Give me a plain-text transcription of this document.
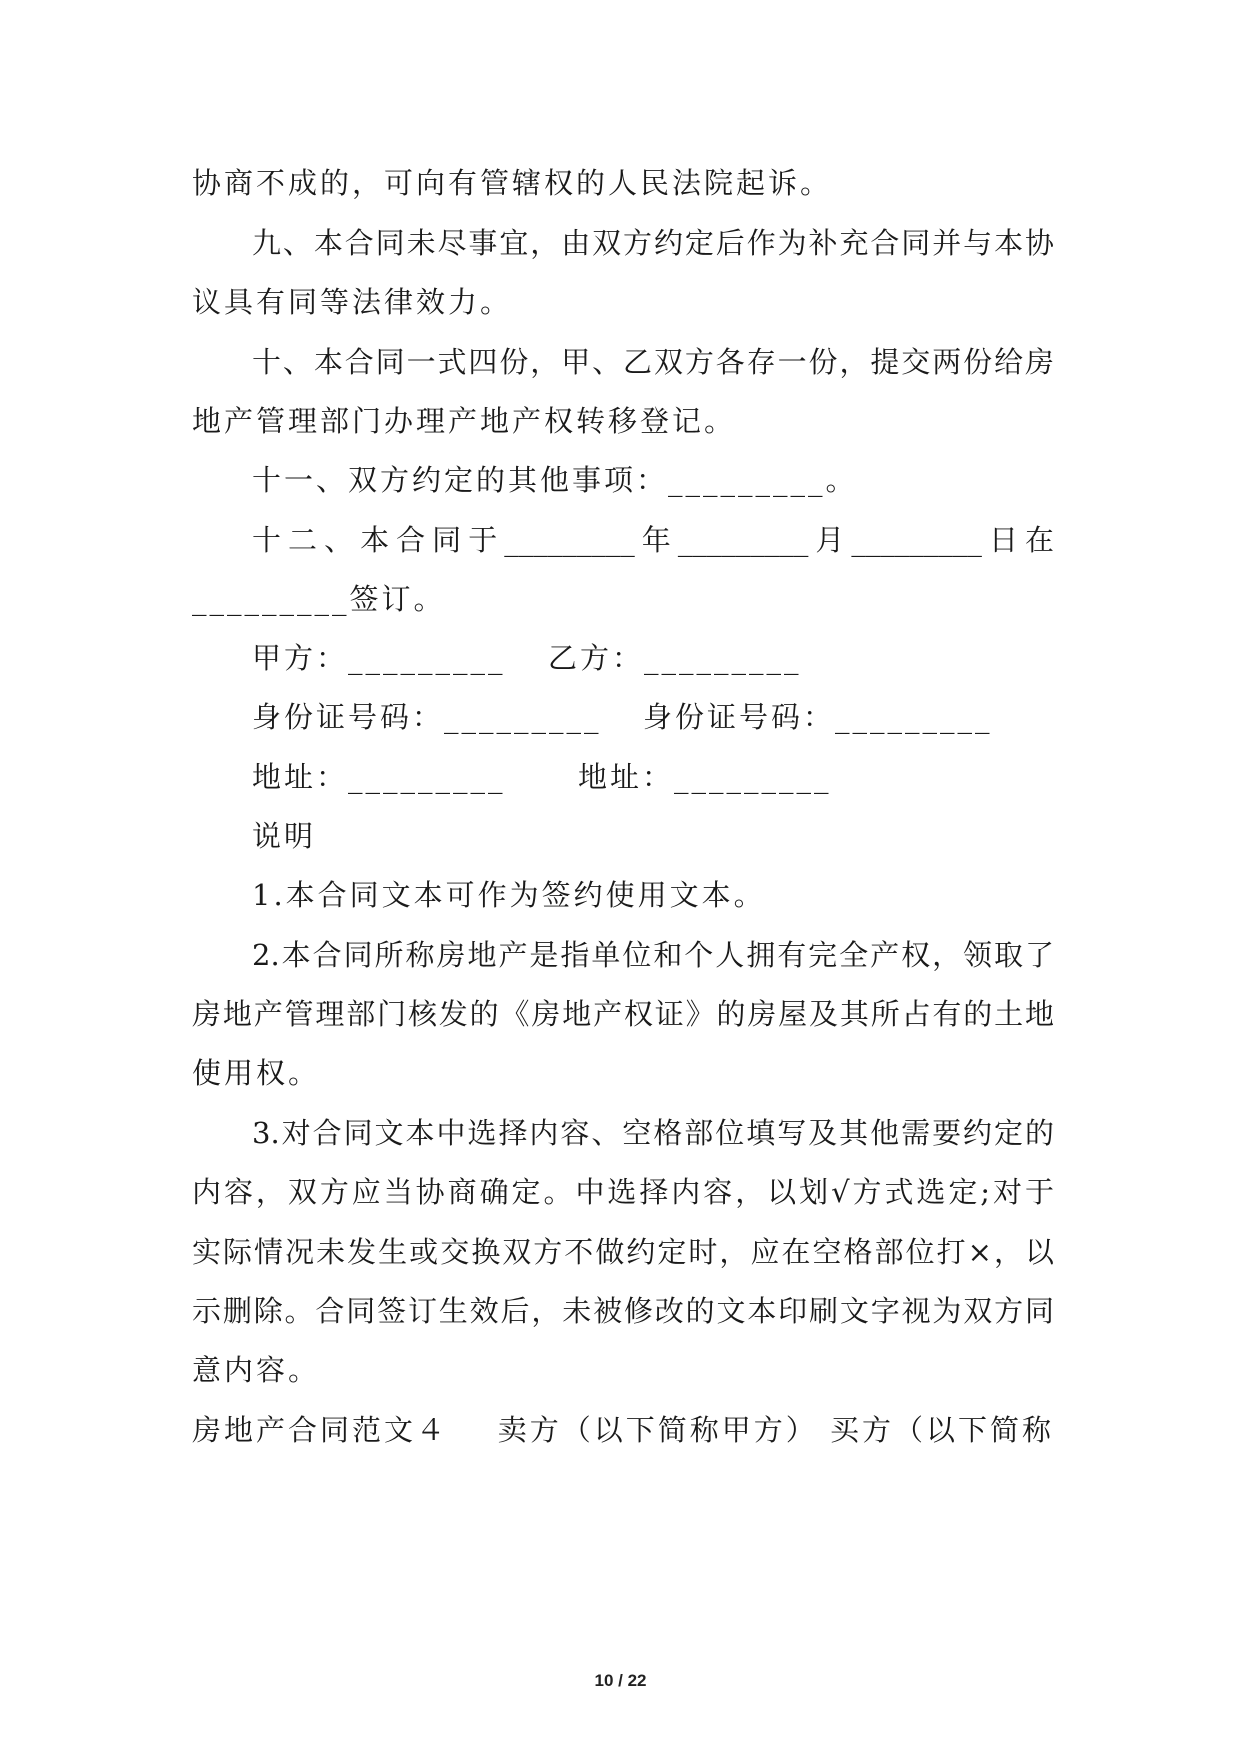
协商不成的，可向有管辖权的人民法院起诉。
九、本合同未尽事宜，由双方约定后作为补充合同并与本协
议具有同等法律效力。
十、本合同一式四份，甲、乙双方各存一份，提交两份给房
地产管理部门办理产地产权转移登记。
十一、双方约定的其他事项：_________。
十二、本合同于_________年_________月_________日在
_________签订。
甲方：_________ 乙方：_________
身份证号码：_________ 身份证号码：_________
地址：_________ 地址：_________
说明
1.本合同文本可作为签约使用文本。
2.本合同所称房地产是指单位和个人拥有完全产权，领取了
房地产管理部门核发的《房地产权证》的房屋及其所占有的土地
使用权。
3.对合同文本中选择内容、空格部位填写及其他需要约定的
内容，双方应当协商确定。中选择内容，以划√方式选定;对于
实际情况未发生或交换双方不做约定时，应在空格部位打×，以
示删除。合同签订生效后，未被修改的文本印刷文字视为双方同
意内容。
房地产合同范文４ 卖方（以下简称甲方） 买方（以下简称
10 / 22
